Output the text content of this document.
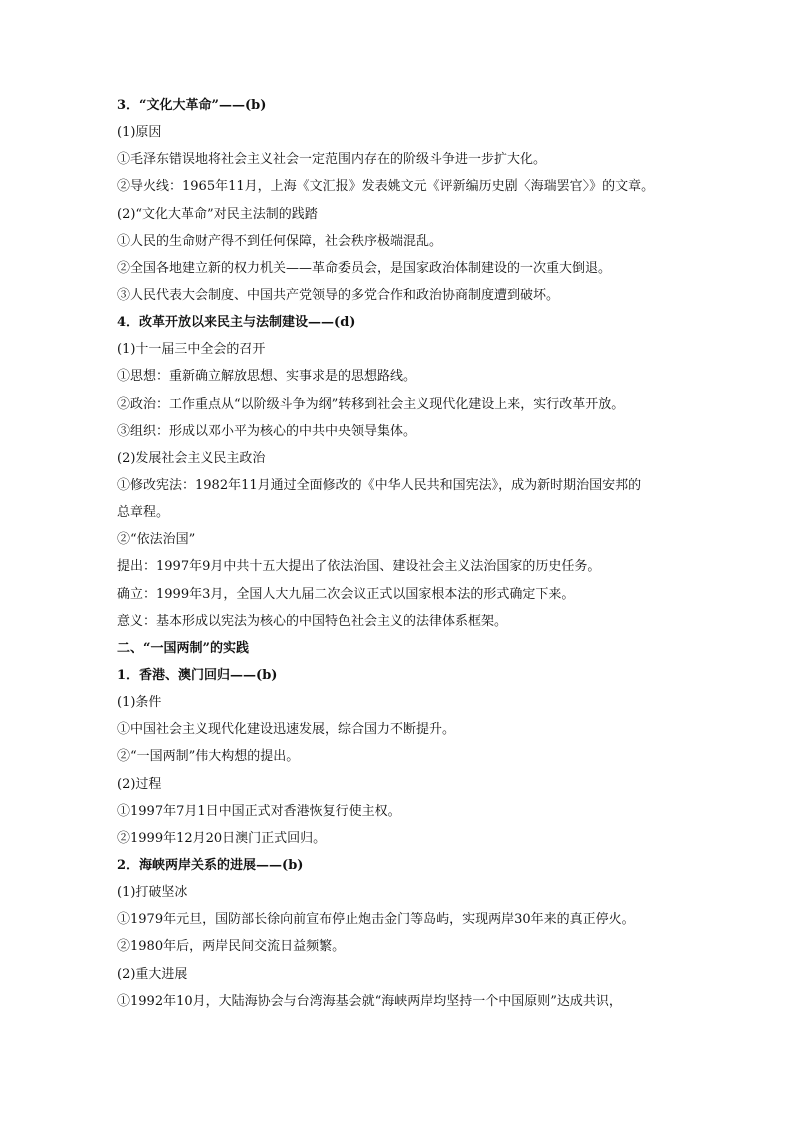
3．“文化大革命”——(b)
(1)原因
①毛泽东错误地将社会主义社会一定范围内存在的阶级斗争进一步扩大化。
②导火线：1965年11月，上海《文汇报》发表姚文元《评新编历史剧〈海瑞罢官〉》的文章。
(2)“文化大革命”对民主法制的践踏
①人民的生命财产得不到任何保障，社会秩序极端混乱。
②全国各地建立新的权力机关——革命委员会，是国家政治体制建设的一次重大倒退。
③人民代表大会制度、中国共产党领导的多党合作和政治协商制度遭到破坏。
4．改革开放以来民主与法制建设——(d)
(1)十一届三中全会的召开
①思想：重新确立解放思想、实事求是的思想路线。
②政治：工作重点从“以阶级斗争为纲”转移到社会主义现代化建设上来，实行改革开放。
③组织：形成以邓小平为核心的中共中央领导集体。
(2)发展社会主义民主政治
①修改宪法：1982年11月通过全面修改的《中华人民共和国宪法》，成为新时期治国安邦的
总章程。
②“依法治国”
提出：1997年9月中共十五大提出了依法治国、建设社会主义法治国家的历史任务。
确立：1999年3月，全国人大九届二次会议正式以国家根本法的形式确定下来。
意义：基本形成以宪法为核心的中国特色社会主义的法律体系框架。
二、“一国两制”的实践
1．香港、澳门回归——(b)
(1)条件
①中国社会主义现代化建设迅速发展，综合国力不断提升。
②“一国两制”伟大构想的提出。
(2)过程
①1997年7月1日中国正式对香港恢复行使主权。
②1999年12月20日澳门正式回归。
2．海峡两岸关系的进展——(b)
(1)打破坚冰
①1979年元旦，国防部长徐向前宣布停止炮击金门等岛屿，实现两岸30年来的真正停火。
②1980年后，两岸民间交流日益频繁。
(2)重大进展
①1992年10月，大陆海协会与台湾海基会就“海峡两岸均坚持一个中国原则”达成共识，
